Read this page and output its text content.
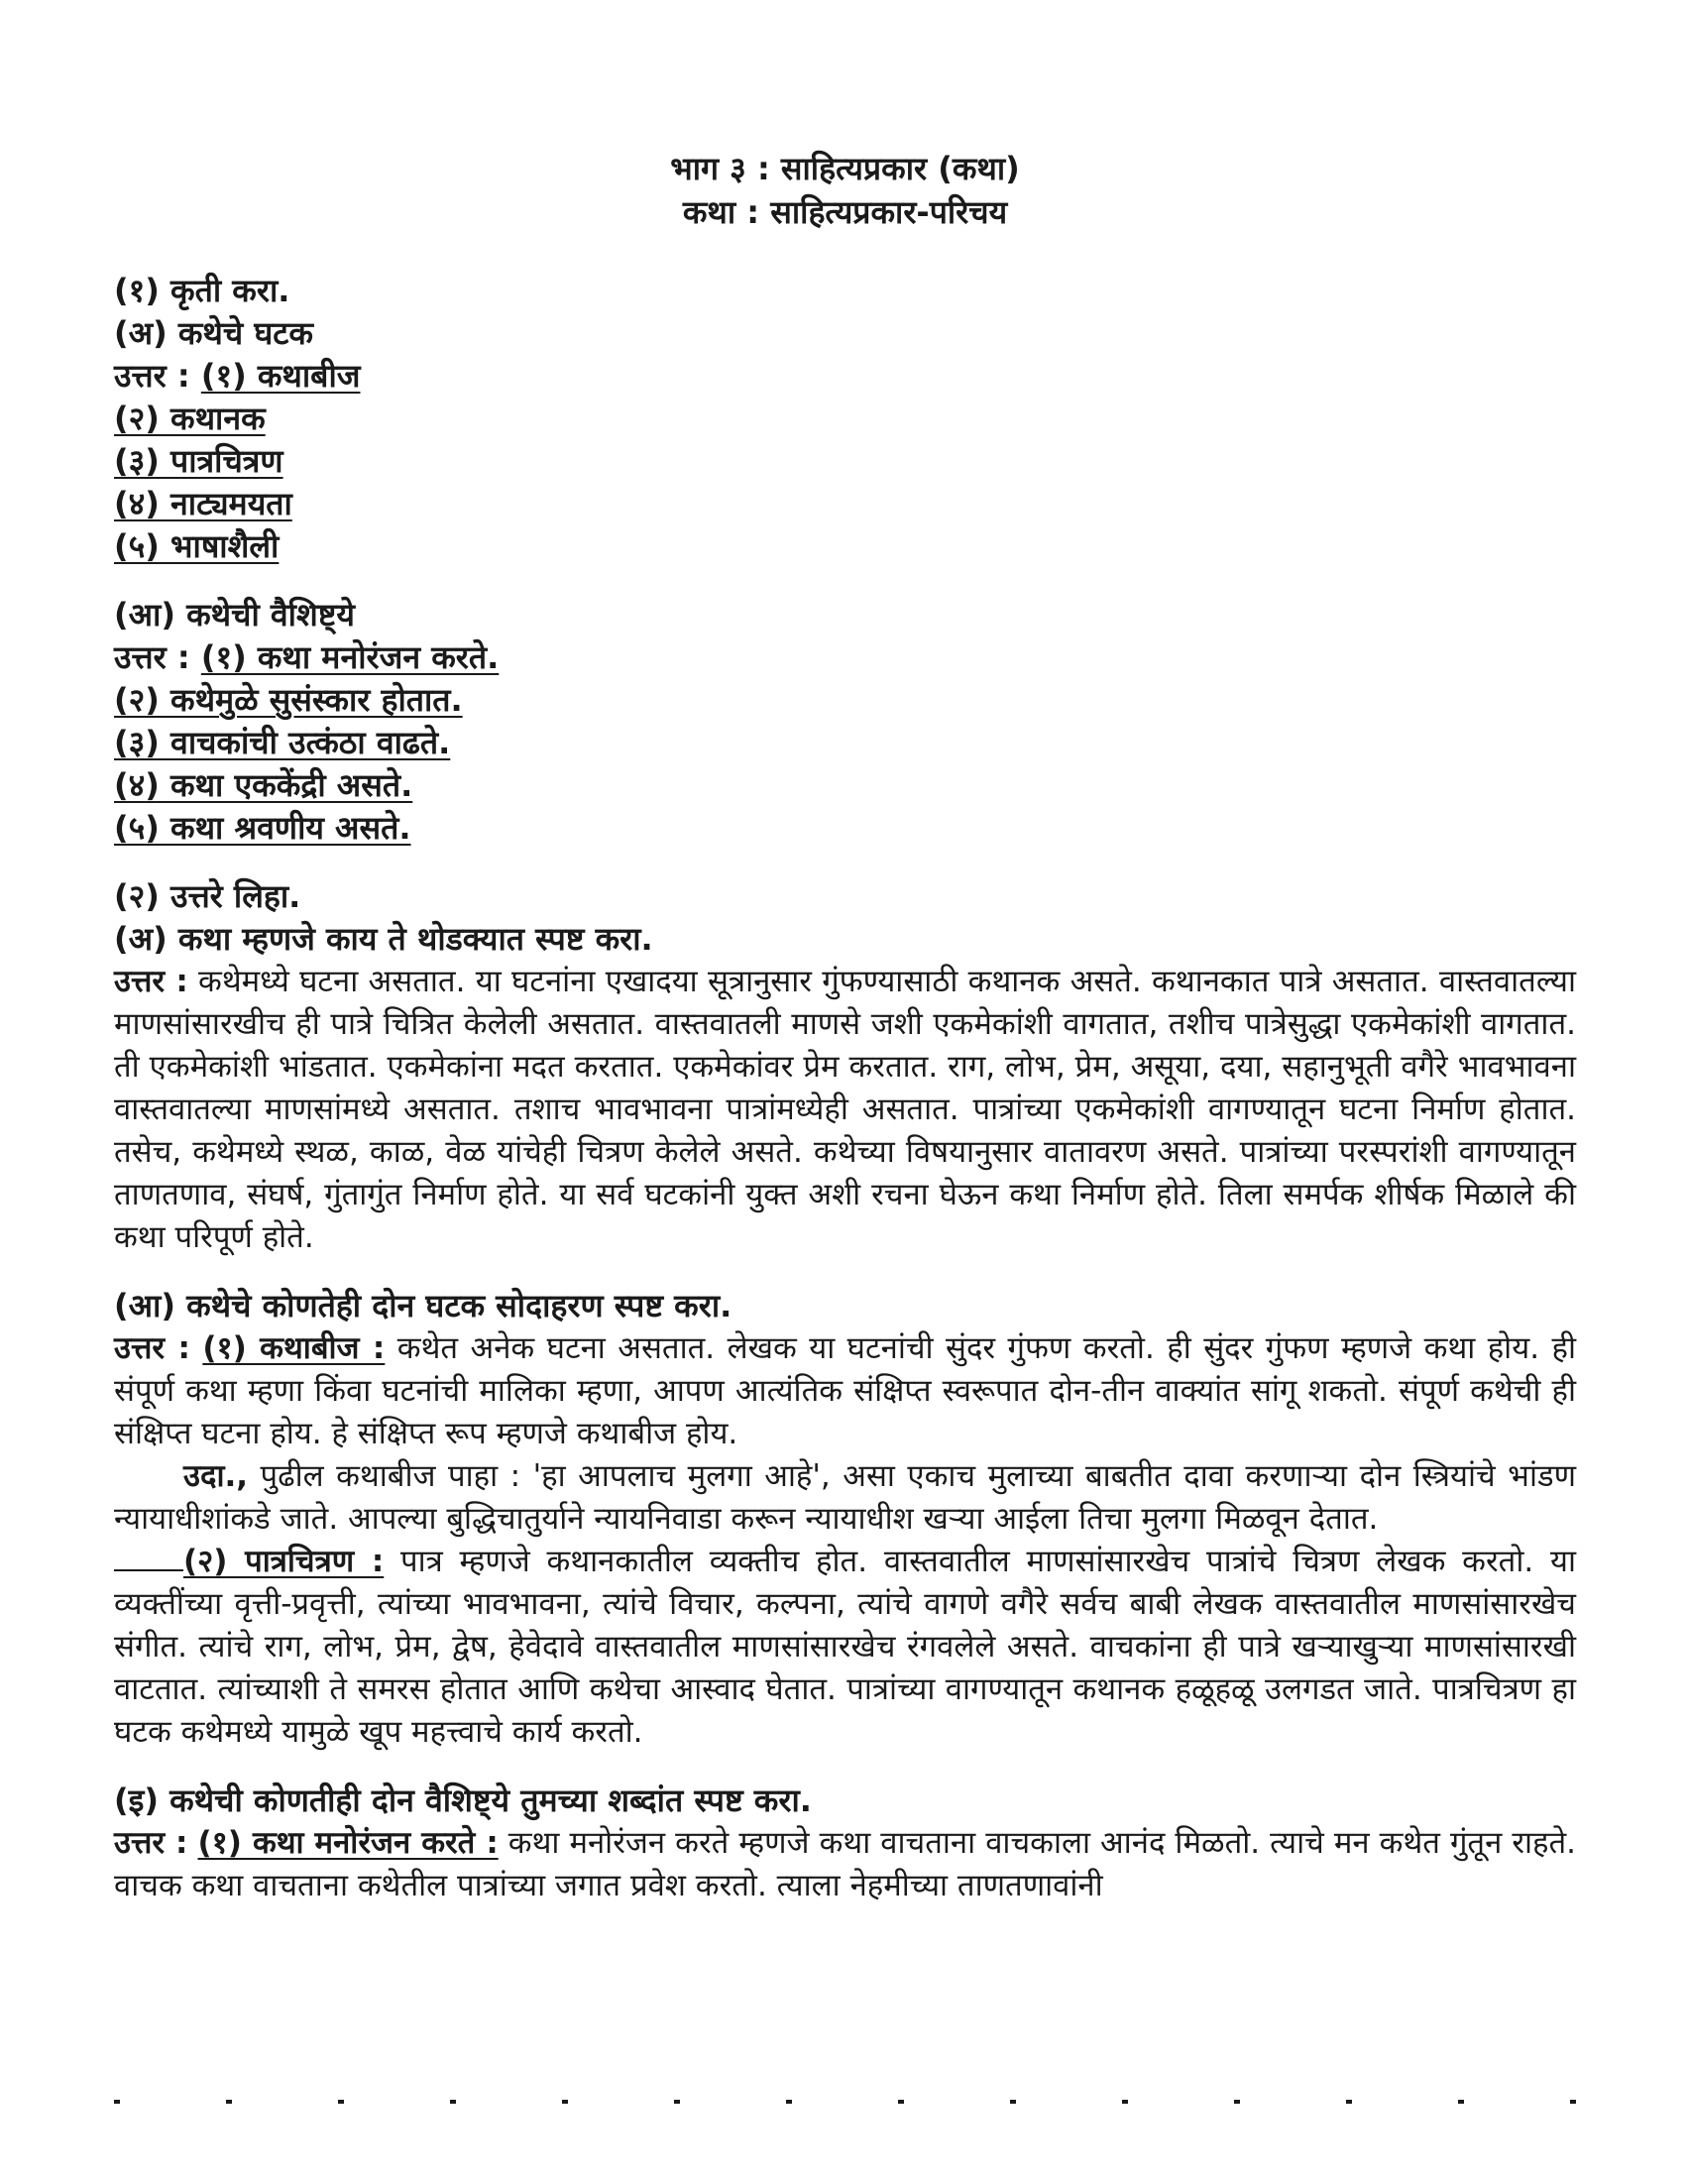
भाग ३ : साहित्यप्रकार (कथा)
कथा : साहित्यप्रकार-परिचय
(१) कृती करा.
(अ) कथेचे घटक
उत्तर : (१) कथाबीज
(२) कथानक
(३) पात्रचित्रण
(४) नाट्यमयता
(५) भाषाशैली
(आ) कथेची वैशिष्ट्ये
उत्तर : (१) कथा मनोरंजन करते.
(२) कथेमुळे सुसंस्कार होतात.
(३) वाचकांची उत्कंठा वाढते.
(४) कथा एककेंद्री असते.
(५) कथा श्रवणीय असते.
(२) उत्तरे लिहा.
(अ) कथा म्हणजे काय ते थोडक्यात स्पष्ट करा.

उत्तर : कथेमध्ये घटना असतात. या घटनांना एखादया सूत्रानुसार गुंफण्यासाठी कथानक असते. कथानकात पात्रे असतात. वास्तवातल्या माणसांसारखीच ही पात्रे चित्रित केलेली असतात. वास्तवातली माणसे जशी एकमेकांशी वागतात, तशीच पात्रेसुद्धा एकमेकांशी वागतात. ती एकमेकांशी भांडतात. एकमेकांना मदत करतात. एकमेकांवर प्रेम करतात. राग, लोभ, प्रेम, असूया, दया, सहानुभूती वगैरे भावभावना वास्तवातल्या माणसांमध्ये असतात. तशाच भावभावना पात्रांमध्येही असतात. पात्रांच्या एकमेकांशी वागण्यातून घटना निर्माण होतात. तसेच, कथेमध्ये स्थळ, काळ, वेळ यांचेही चित्रण केलेले असते. कथेच्या विषयानुसार वातावरण असते. पात्रांच्या परस्परांशी वागण्यातून ताणतणाव, संघर्ष, गुंतागुंत निर्माण होते. या सर्व घटकांनी युक्त अशी रचना घेऊन कथा निर्माण होते. तिला समर्पक शीर्षक मिळाले की कथा परिपूर्ण होते.

(आ) कथेचे कोणतेही दोन घटक सोदाहरण स्पष्ट करा.

उत्तर : (१) कथाबीज : कथेत अनेक घटना असतात. लेखक या घटनांची सुंदर गुंफण करतो. ही सुंदर गुंफण म्हणजे कथा होय. ही संपूर्ण कथा म्हणा किंवा घटनांची मालिका म्हणा, आपण आत्यंतिक संक्षिप्त स्वरूपात दोन-तीन वाक्यांत सांगू शकतो. संपूर्ण कथेची ही संक्षिप्त घटना होय. हे संक्षिप्त रूप म्हणजे कथाबीज होय.

उदा., पुढील कथाबीज पाहा : 'हा आपलाच मुलगा आहे', असा एकाच मुलाच्या बाबतीत दावा करणाऱ्या दोन स्त्रियांचे भांडण न्यायाधीशांकडे जाते. आपल्या बुद्धिचातुर्याने न्यायनिवाडा करून न्यायाधीश खऱ्या आईला तिचा मुलगा मिळवून देतात.

(२) पात्रचित्रण : पात्र म्हणजे कथानकातील व्यक्तीच होत. वास्तवातील माणसांसारखेच पात्रांचे चित्रण लेखक करतो. या व्यक्तींच्या वृत्ती-प्रवृत्ती, त्यांच्या भावभावना, त्यांचे विचार, कल्पना, त्यांचे वागणे वगैरे सर्वच बाबी लेखक वास्तवातील माणसांसारखेच संगीत. त्यांचे राग, लोभ, प्रेम, द्वेष, हेवेदावे वास्तवातील माणसांसारखेच रंगवलेले असते. वाचकांना ही पात्रे खऱ्याखुऱ्या माणसांसारखी वाटतात. त्यांच्याशी ते समरस होतात आणि कथेचा आस्वाद घेतात. पात्रांच्या वागण्यातून कथानक हळूहळू उलगडत जाते. पात्रचित्रण हा घटक कथेमध्ये यामुळे खूप महत्त्वाचे कार्य करतो.

(इ) कथेची कोणतीही दोन वैशिष्ट्ये तुमच्या शब्दांत स्पष्ट करा.

उत्तर : (१) कथा मनोरंजन करते : कथा मनोरंजन करते म्हणजे कथा वाचताना वाचकाला आनंद मिळतो. त्याचे मन कथेत गुंतून राहते. वाचक कथा वाचताना कथेतील पात्रांच्या जगात प्रवेश करतो. त्याला नेहमीच्या ताणतणावांनी
